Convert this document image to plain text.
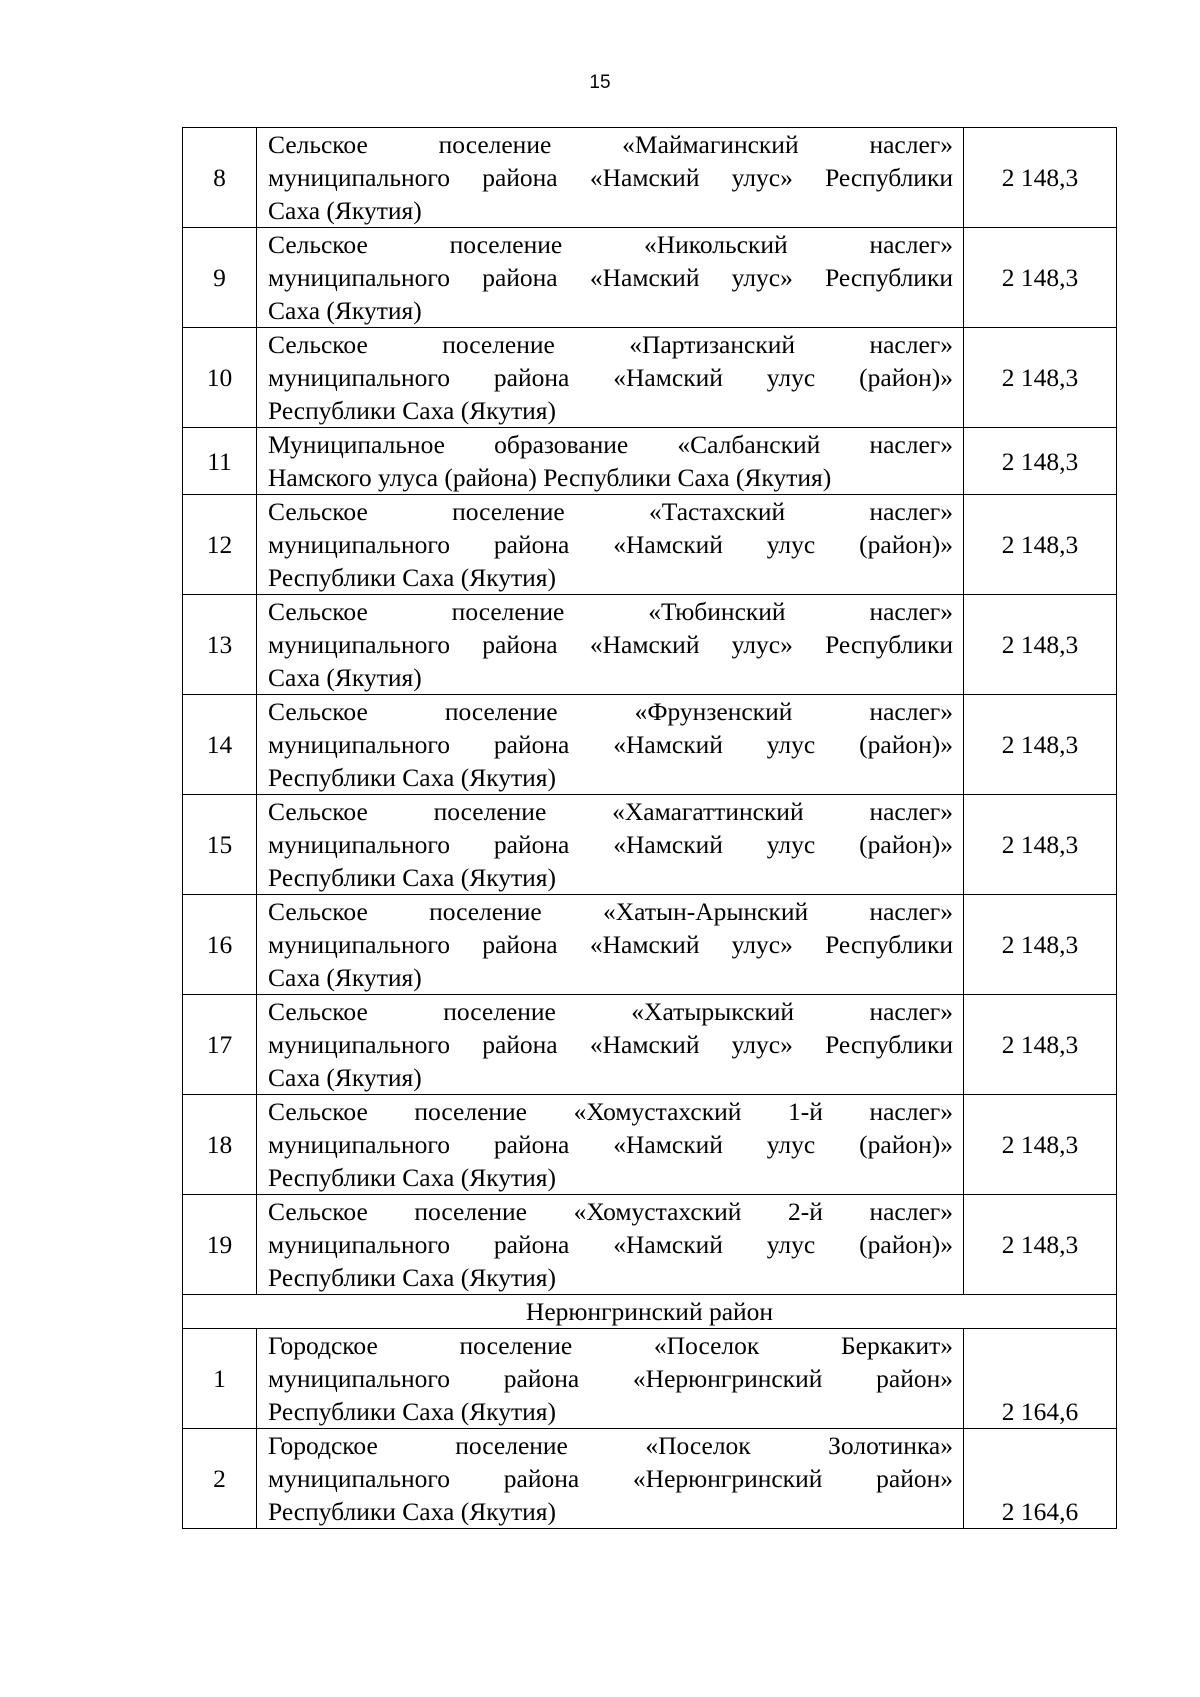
15
8	Сельское поселение «Маймагинский наслег»
муниципального района «Намский улус» Республики
Саха (Якутия)	2 148,3
9	Сельское поселение «Никольский наслег»
муниципального района «Намский улус» Республики
Саха (Якутия)	2 148,3
10	Сельское поселение «Партизанский наслег»
муниципального района «Намский улус (район)»
Республики Саха (Якутия)	2 148,3
11	Муниципальное образование «Салбанский наслег»
Намского улуса (района) Республики Саха (Якутия)	2 148,3
12	Сельское поселение «Тастахский наслег»
муниципального района «Намский улус (район)»
Республики Саха (Якутия)	2 148,3
13	Сельское поселение «Тюбинский наслег»
муниципального района «Намский улус» Республики
Саха (Якутия)	2 148,3
14	Сельское поселение «Фрунзенский наслег»
муниципального района «Намский улус (район)»
Республики Саха (Якутия)	2 148,3
15	Сельское поселение «Хамагаттинский наслег»
муниципального района «Намский улус (район)»
Республики Саха (Якутия)	2 148,3
16	Сельское поселение «Хатын-Арынский наслег»
муниципального района «Намский улус» Республики
Саха (Якутия)	2 148,3
17	Сельское поселение «Хатырыкский наслег»
муниципального района «Намский улус» Республики
Саха (Якутия)	2 148,3
18	Сельское поселение «Хомустахский 1-й наслег»
муниципального района «Намский улус (район)»
Республики Саха (Якутия)	2 148,3
19	Сельское поселение «Хомустахский 2-й наслег»
муниципального района «Намский улус (район)»
Республики Саха (Якутия)	2 148,3
Нерюнгринский район		
1	Городское поселение «Поселок Беркакит»
муниципального района «Нерюнгринский район»
Республики Саха (Якутия)	2 164,6
2	Городское поселение «Поселок Золотинка»
муниципального района «Нерюнгринский район»
Республики Саха (Якутия)	2 164,6
